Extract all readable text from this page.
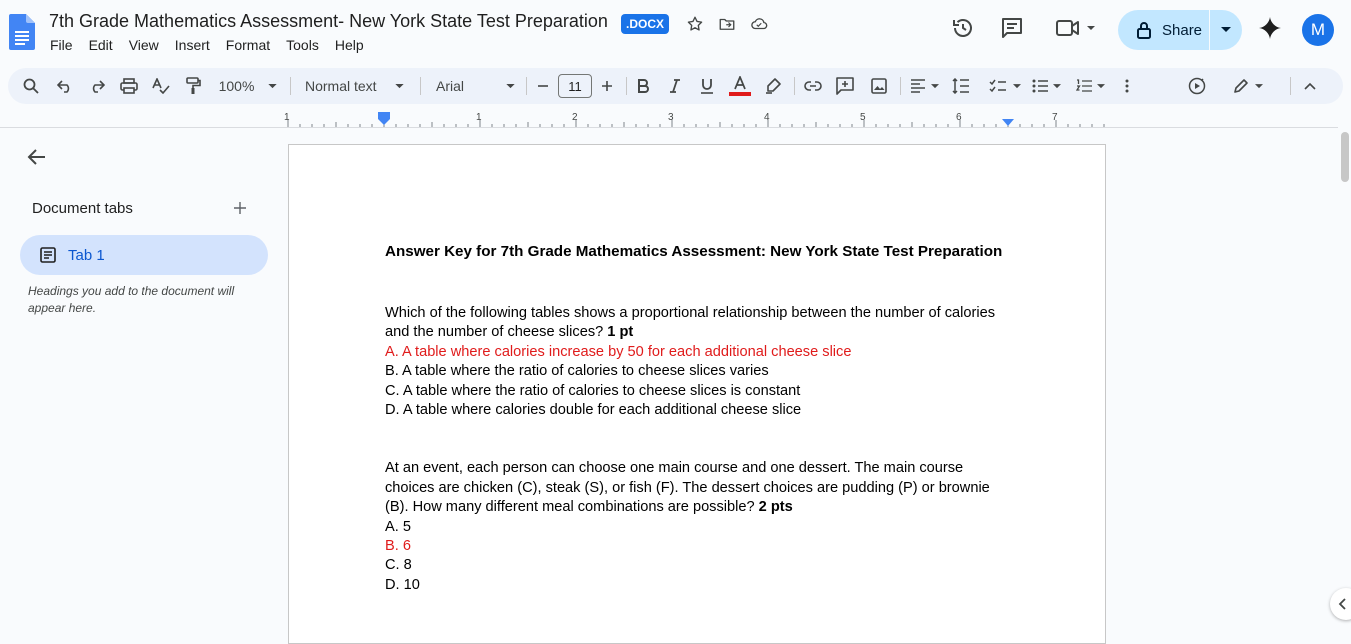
7th Grade Mathematics Assessment- New York State Test Preparation	.DOCX
File Edit View Insert Format Tools Help
Share	M
100%	Normal text	Arial	11
1	1	2	3	4	5	6	7
Document tabs
Tab 1
Headings you add to the document will appear here.
Answer Key for 7th Grade Mathematics Assessment: New York State Test Preparation
Which of the following tables shows a proportional relationship between the number of calories and the number of cheese slices? 1 pt
A. A table where calories increase by 50 for each additional cheese slice
B. A table where the ratio of calories to cheese slices varies
C. A table where the ratio of calories to cheese slices is constant
D. A table where calories double for each additional cheese slice
At an event, each person can choose one main course and one dessert. The main course choices are chicken (C), steak (S), or fish (F). The dessert choices are pudding (P) or brownie (B). How many different meal combinations are possible? 2 pts
A. 5
B. 6
C. 8
D. 10
